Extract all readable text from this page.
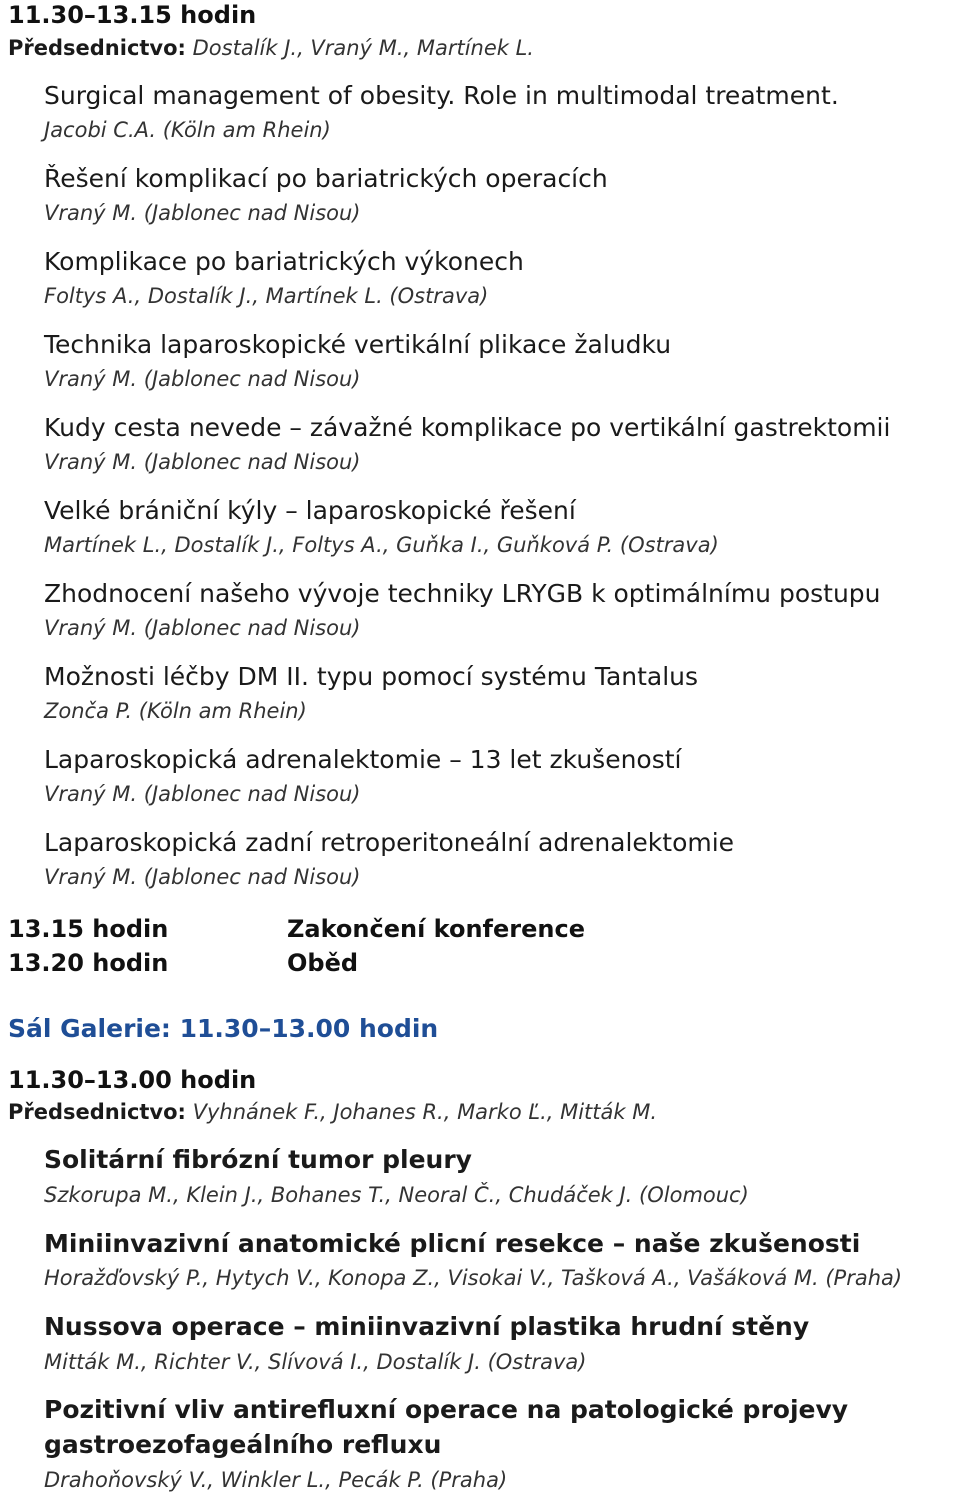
11.30–13.15 hodin
Předsednictvo: Dostalík J., Vraný M., Martínek L.
Surgical management of obesity. Role in multimodal treatment.
Jacobi C.A. (Köln am Rhein)
Řešení komplikací po bariatrických operacích
Vraný M. (Jablonec nad Nisou)
Komplikace po bariatrických výkonech
Foltys A., Dostalík J., Martínek L. (Ostrava)
Technika laparoskopické vertikální plikace žaludku
Vraný M. (Jablonec nad Nisou)
Kudy cesta nevede – závažné komplikace po vertikální gastrektomii
Vraný M. (Jablonec nad Nisou)
Velké brániční kýly – laparoskopické řešení
Martínek L., Dostalík J., Foltys A., Guňka I., Guňková P. (Ostrava)
Zhodnocení našeho vývoje techniky LRYGB k optimálnímu postupu
Vraný M. (Jablonec nad Nisou)
Možnosti léčby DM II. typu pomocí systému Tantalus
Zonča P. (Köln am Rhein)
Laparoskopická adrenalektomie – 13 let zkušeností
Vraný M. (Jablonec nad Nisou)
Laparoskopická zadní retroperitoneální adrenalektomie
Vraný M. (Jablonec nad Nisou)
13.15 hodin	Zakončení konference
13.20 hodin	Oběd
Sál Galerie: 11.30–13.00 hodin
11.30–13.00 hodin
Předsednictvo: Vyhnánek F., Johanes R., Marko Ľ., Mitták M.
Solitární fibrózní tumor pleury
Szkorupa M., Klein J., Bohanes T., Neoral Č., Chudáček J. (Olomouc)
Miniinvazivní anatomické plicní resekce – naše zkušenosti
Horažďovský P., Hytych V., Konopa Z., Visokai V., Tašková A., Vašáková M. (Praha)
Nussova operace – miniinvazivní plastika hrudní stěny
Mitták M., Richter V., Slívová I., Dostalík J. (Ostrava)
Pozitivní vliv antirefluxní operace na patologické projevy
gastroezofageálního refluxu
Drahoňovský V., Winkler L., Pecák P. (Praha)
